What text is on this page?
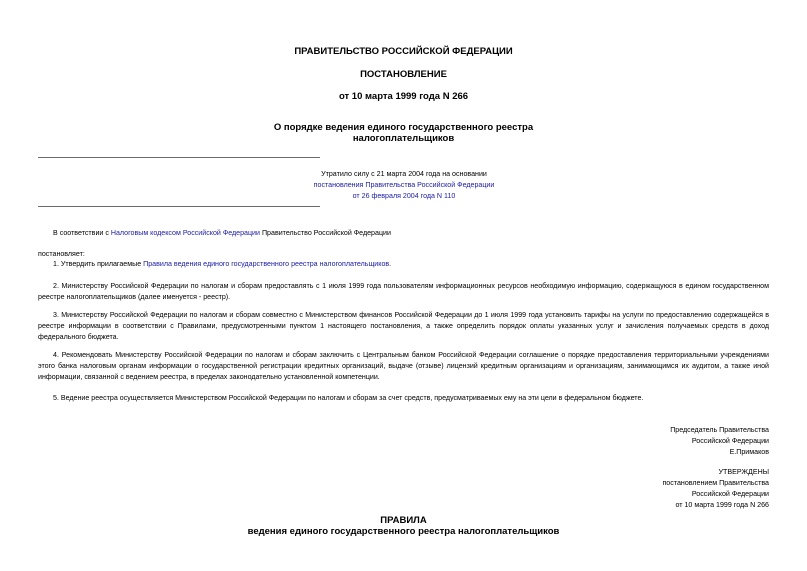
ПРАВИТЕЛЬСТВО РОССИЙСКОЙ ФЕДЕРАЦИИ
ПОСТАНОВЛЕНИЕ
от 10 марта 1999 года N 266
О порядке ведения единого государственного реестра
налогоплательщиков
Утратило силу с 21 марта 2004 года на основании
постановления Правительства Российской Федерации
от 26 февраля 2004 года N 110
В соответствии с Налоговым кодексом Российской Федерации Правительство Российской Федерации
постановляет:
1. Утвердить прилагаемые Правила ведения единого государственного реестра налогоплательщиков.
2. Министерству Российской Федерации по налогам и сборам предоставлять с 1 июля 1999 года пользователям информационных ресурсов необходимую информацию, содержащуюся в едином государственном реестре налогоплательщиков (далее именуется - реестр).
3. Министерству Российской Федерации по налогам и сборам совместно с Министерством финансов Российской Федерации до 1 июля 1999 года установить тарифы на услуги по предоставлению содержащейся в реестре информации в соответствии с Правилами, предусмотренными пунктом 1 настоящего постановления, а также определить порядок оплаты указанных услуг и зачисления получаемых средств в доход федерального бюджета.
4. Рекомендовать Министерству Российской Федерации по налогам и сборам заключить с Центральным банком Российской Федерации соглашение о порядке предоставления территориальными учреждениями этого банка налоговым органам информации о государственной регистрации кредитных организаций, выдаче (отзыве) лицензий кредитным организациям и организациям, занимающимся их аудитом, а также иной информации, связанной с ведением реестра, в пределах законодательно установленной компетенции.
5. Ведение реестра осуществляется Министерством Российской Федерации по налогам и сборам за счет средств, предусматриваемых ему на эти цели в федеральном бюджете.
Председатель Правительства
Российской Федерации
Е.Примаков
УТВЕРЖДЕНЫ
постановлением Правительства
Российской Федерации
от 10 марта 1999 года N 266
ПРАВИЛА
ведения единого государственного реестра налогоплательщиков
